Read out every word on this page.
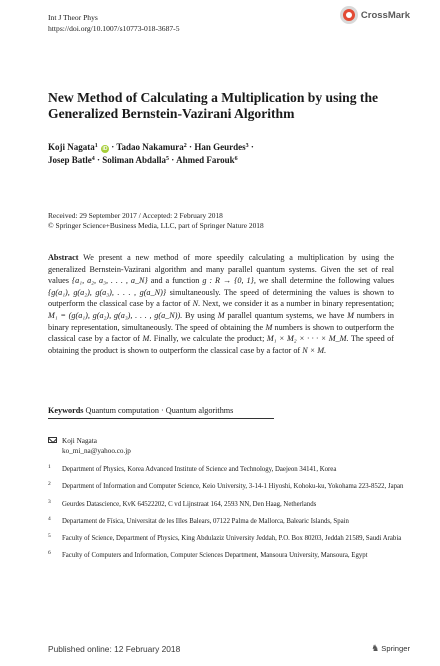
Int J Theor Phys
https://doi.org/10.1007/s10773-018-3687-5
CrossMark
New Method of Calculating a Multiplication by using the Generalized Bernstein-Vazirani Algorithm
Koji Nagata$^1$ iD · Tadao Nakamura$^2$ · Han Geurdes$^3$ ·
Josep Batle$^4$ · Soliman Abdalla$^5$ · Ahmed Farouk$^6$
Received: 29 September 2017 / Accepted: 2 February 2018
© Springer Science+Business Media, LLC, part of Springer Nature 2018
Abstract We present a new method of more speedily calculating a multiplication by using the generalized Bernstein-Vazirani algorithm and many parallel quantum systems. Given the set of real values {a₁, a₂, a₃, . . . , a_N} and a function g : R → {0, 1}, we shall determine the following values {g(a₁), g(a₂), g(a₃), . . . , g(a_N)} simultaneously. The speed of determining the values is shown to outperform the classical case by a factor of N. Next, we consider it as a number in binary representation; M₁ = (g(a₁), g(a₂), g(a₃), . . . , g(a_N)). By using M parallel quantum systems, we have M numbers in binary representation, simultaneously. The speed of obtaining the M numbers is shown to outperform the classical case by a factor of M. Finally, we calculate the product; M₁ × M₂ × · · · × M_M. The speed of obtaining the product is shown to outperform the classical case by a factor of N × M.
Keywords Quantum computation · Quantum algorithms
Koji Nagata
ko_mi_na@yahoo.co.jp
1 Department of Physics, Korea Advanced Institute of Science and Technology, Daejeon 34141, Korea
2 Department of Information and Computer Science, Keio University, 3-14-1 Hiyoshi, Kohoku-ku, Yokohama 223-8522, Japan
3 Geurdes Datascience, KvK 64522202, C vd Lijnstraat 164, 2593 NN, Den Haag, Netherlands
4 Departament de Física, Universitat de les Illes Balears, 07122 Palma de Mallorca, Balearic Islands, Spain
5 Faculty of Science, Department of Physics, King Abdulaziz University Jeddah, P.O. Box 80203, Jeddah 21589, Saudi Arabia
6 Faculty of Computers and Information, Computer Sciences Department, Mansoura University, Mansoura, Egypt
Published online: 12 February 2018	♞ Springer
